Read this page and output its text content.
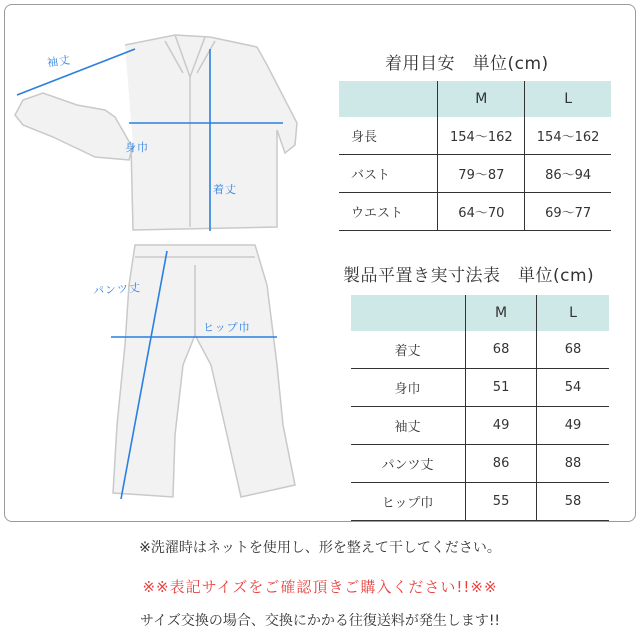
袖丈
身巾
着丈
パンツ丈
ヒップ巾
着用目安　単位(cm)
	M	L
身長	154〜162	154〜162
バスト	79〜87	86〜94
ウエスト	64〜70	69〜77
製品平置き実寸法表　単位(cm)
	M	L
着丈	68	68
身巾	51	54
袖丈	49	49
パンツ丈	86	88
ヒップ巾	55	58
※洗濯時はネットを使用し、形を整えて干してください。
※※表記サイズをご確認頂きご購入ください!!※※
サイズ交換の場合、交換にかかる往復送料が発生します!!
